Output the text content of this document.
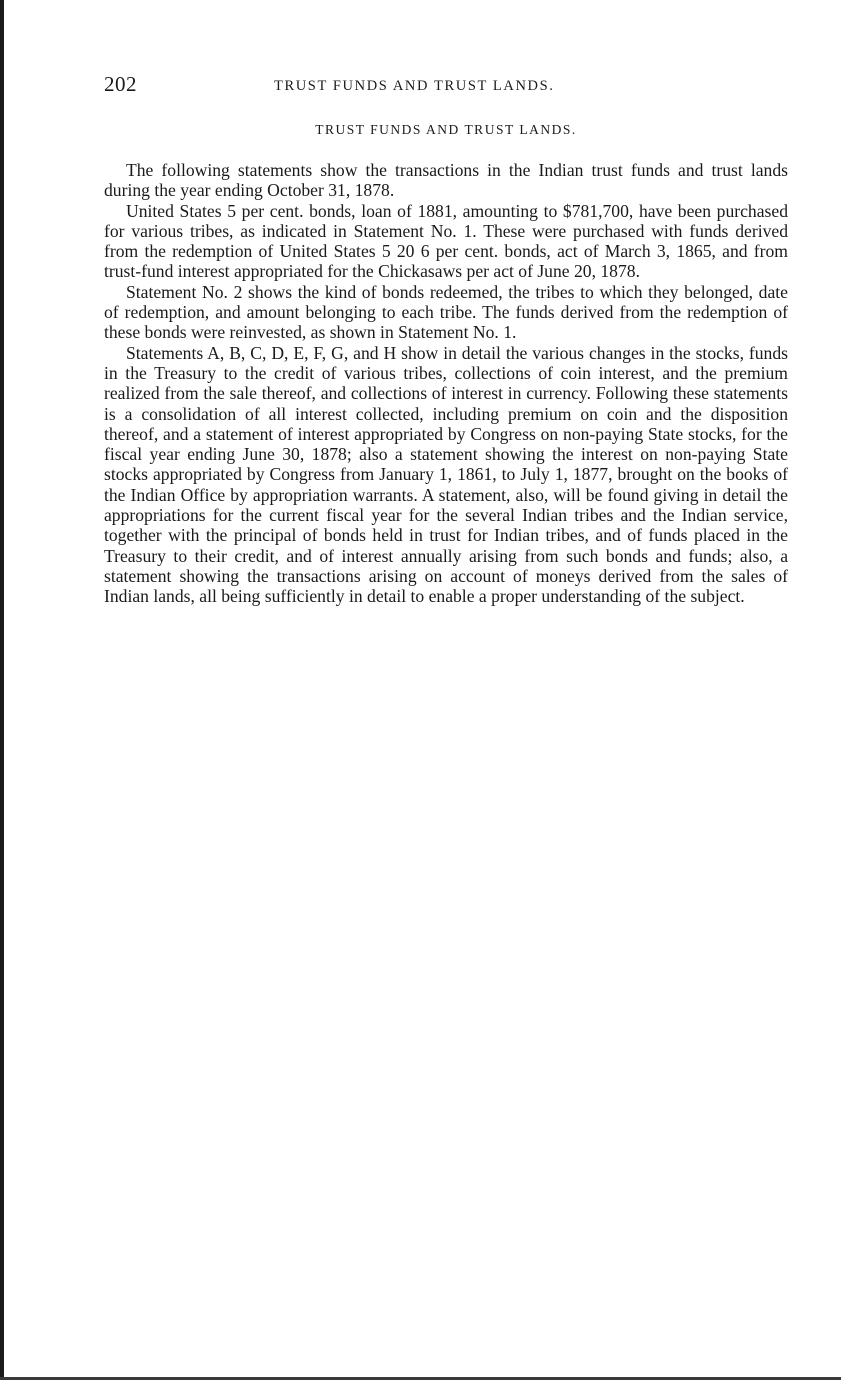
202	TRUST FUNDS AND TRUST LANDS.
TRUST FUNDS AND TRUST LANDS.

The following statements show the transactions in the Indian trust funds and trust lands during the year ending October 31, 1878.

United States 5 per cent. bonds, loan of 1881, amounting to $781,700, have been purchased for various tribes, as indicated in Statement No. 1. These were purchased with funds derived from the redemption of United States 5 20 6 per cent. bonds, act of March 3, 1865, and from trust-fund interest appropriated for the Chickasaws per act of June 20, 1878.

Statement No. 2 shows the kind of bonds redeemed, the tribes to which they belonged, date of redemption, and amount belonging to each tribe. The funds derived from the redemption of these bonds were reinvested, as shown in Statement No. 1.

Statements A, B, C, D, E, F, G, and H show in detail the various changes in the stocks, funds in the Treasury to the credit of various tribes, collections of coin interest, and the premium realized from the sale thereof, and collections of interest in currency. Following these statements is a consolidation of all interest collected, including premium on coin and the disposition thereof, and a statement of interest appropriated by Congress on non-paying State stocks, for the fiscal year ending June 30, 1878; also a statement showing the interest on non-paying State stocks appropriated by Congress from January 1, 1861, to July 1, 1877, brought on the books of the Indian Office by appropriation warrants. A statement, also, will be found giving in detail the appropriations for the current fiscal year for the several Indian tribes and the Indian service, together with the principal of bonds held in trust for Indian tribes, and of funds placed in the Treasury to their credit, and of interest annually arising from such bonds and funds; also, a statement showing the transactions arising on account of moneys derived from the sales of Indian lands, all being sufficiently in detail to enable a proper understanding of the subject.
